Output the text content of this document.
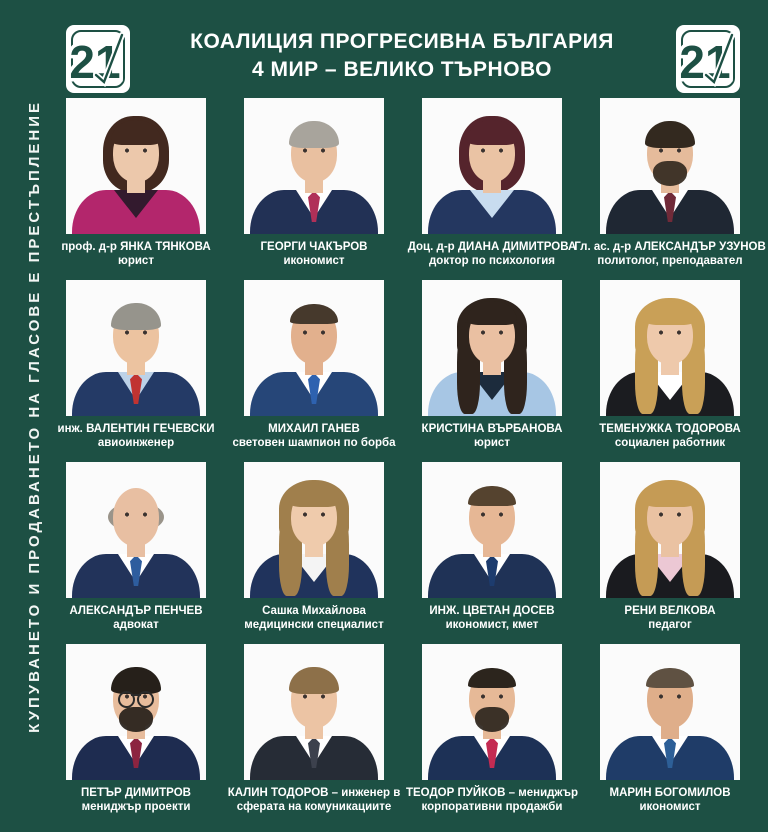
КУПУВАНЕТО И ПРОДАВАНЕТО НА ГЛАСОВЕ Е ПРЕСТЪПЛЕНИЕ
21	21
КОАЛИЦИЯ ПРОГРЕСИВНА БЪЛГАРИЯ
4 МИР – ВЕЛИКО ТЪРНОВО
проф. д-р ЯНКА ТЯНКОВА
юрист
ГЕОРГИ ЧАКЪРОВ
икономист
Доц. д-р ДИАНА ДИМИТРОВА
доктор по психология
Гл. ас. д-р АЛЕКСАНДЪР УЗУНОВ
политолог, преподавател
инж. ВАЛЕНТИН ГЕЧЕВСКИ
авиоинженер
МИХАИЛ ГАНЕВ
световен шампион по борба
КРИСТИНА ВЪРБАНОВА
юрист
ТЕМЕНУЖКА ТОДОРОВА
социален работник
АЛЕКСАНДЪР ПЕНЧЕВ
адвокат
Сашка Михайлова
медицински специалист
ИНЖ. ЦВЕТАН ДОСЕВ
икономист, кмет
РЕНИ ВЕЛКОВА
педагог
ПЕТЪР ДИМИТРОВ
мениджър проекти
КАЛИН ТОДОРОВ – инженер в
сферата на комуникациите
ТЕОДОР ПУЙКОВ – мениджър
корпоративни продажби
МАРИН БОГОМИЛОВ
икономист
